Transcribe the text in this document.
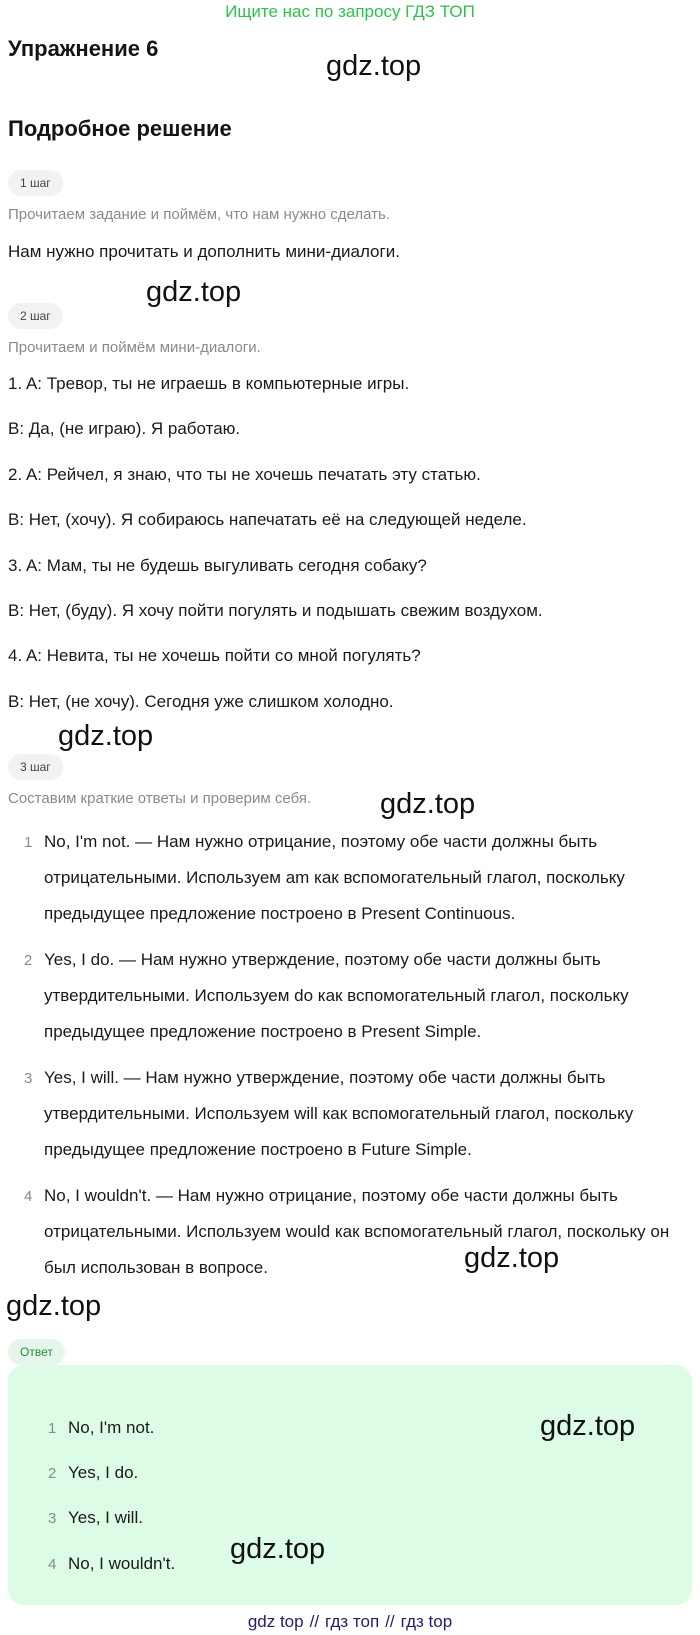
Ищите нас по запросу ГДЗ ТОП
Упражнение 6
gdz.top
Подробное решение
1 шаг
Прочитаем задание и поймём, что нам нужно сделать.
Нам нужно прочитать и дополнить мини-диалоги.
gdz.top
2 шаг
Прочитаем и поймём мини-диалоги.
1. A: Тревор, ты не играешь в компьютерные игры.
B: Да, (не играю). Я работаю.
2. A: Рейчел, я знаю, что ты не хочешь печатать эту статью.
B: Нет, (хочу). Я собираюсь напечатать её на следующей неделе.
3. A: Мам, ты не будешь выгуливать сегодня собаку?
B: Нет, (буду). Я хочу пойти погулять и подышать свежим воздухом.
4. A: Невита, ты не хочешь пойти со мной погулять?
B: Нет, (не хочу). Сегодня уже слишком холодно.
gdz.top
3 шаг
Составим краткие ответы и проверим себя. gdz.top
1 No, I'm not. — Нам нужно отрицание, поэтому обе части должны быть отрицательными. Используем am как вспомогательный глагол, поскольку предыдущее предложение построено в Present Continuous.
2 Yes, I do. — Нам нужно утверждение, поэтому обе части должны быть утвердительными. Используем do как вспомогательный глагол, поскольку предыдущее предложение построено в Present Simple.
3 Yes, I will. — Нам нужно утверждение, поэтому обе части должны быть утвердительными. Используем will как вспомогательный глагол, поскольку предыдущее предложение построено в Future Simple.
4 No, I wouldn't. — Нам нужно отрицание, поэтому обе части должны быть отрицательными. Используем would как вспомогательный глагол, поскольку он был использован в вопросе.	gdz.top
gdz.top
Ответ
1 No, I'm not.
2 Yes, I do.
3 Yes, I will.
4 No, I wouldn't.
gdz.top
gdz.top
gdz top // гдз топ // гдз top
